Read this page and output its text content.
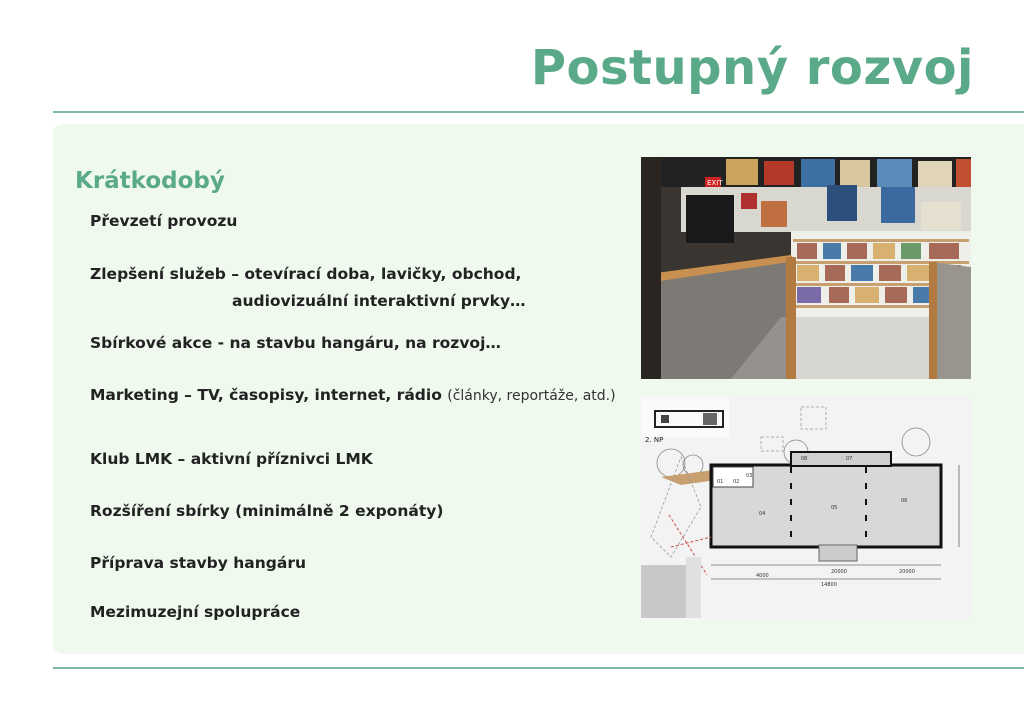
Postupný rozvoj
Krátkodobý
Převzetí provozu
Zlepšení služeb – otevírací doba, lavičky, obchod,
audiovizuální interaktivní prvky…
Sbírkové akce - na stavbu hangáru, na rozvoj…
Marketing – TV, časopisy, internet, rádio (články, reportáže, atd.)
Klub LMK – aktivní příznivci LMK
Rozšíření sbírky (minimálně 2 exponáty)
Příprava stavby hangáru
Mezimuzejní spolupráce
EXIT
2. NP
01 02
03
04
05
06
07
08
4000
20000	20000
14800
